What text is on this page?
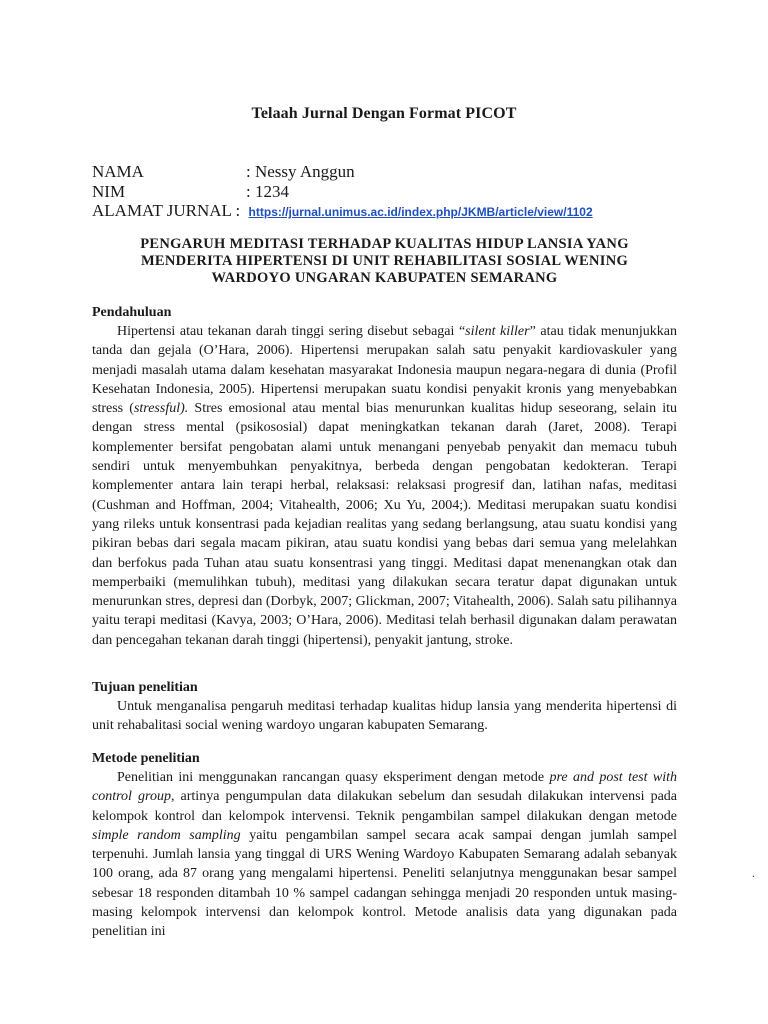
Telaah Jurnal Dengan Format PICOT
NAMA	: Nessy Anggun
NIM	: 1234
ALAMAT JURNAL : https://jurnal.unimus.ac.id/index.php/JKMB/article/view/1102
PENGARUH MEDITASI TERHADAP KUALITAS HIDUP LANSIA YANG
MENDERITA HIPERTENSI DI UNIT REHABILITASI SOSIAL WENING
WARDOYO UNGARAN KABUPATEN SEMARANG
Pendahuluan
Hipertensi atau tekanan darah tinggi sering disebut sebagai “silent killer” atau tidak menunjukkan tanda dan gejala (O’Hara, 2006). Hipertensi merupakan salah satu penyakit kardiovaskuler yang menjadi masalah utama dalam kesehatan masyarakat Indonesia maupun negara-negara di dunia (Profil Kesehatan Indonesia, 2005). Hipertensi merupakan suatu kondisi penyakit kronis yang menyebabkan stress (stressful). Stres emosional atau mental bias menurunkan kualitas hidup seseorang, selain itu dengan stress mental (psikososial) dapat meningkatkan tekanan darah (Jaret, 2008). Terapi komplementer bersifat pengobatan alami untuk menangani penyebab penyakit dan memacu tubuh sendiri untuk menyembuhkan penyakitnya, berbeda dengan pengobatan kedokteran. Terapi komplementer antara lain terapi herbal, relaksasi: relaksasi progresif dan, latihan nafas, meditasi (Cushman and Hoffman, 2004; Vitahealth, 2006; Xu Yu, 2004;). Meditasi merupakan suatu kondisi yang rileks untuk konsentrasi pada kejadian realitas yang sedang berlangsung, atau suatu kondisi yang pikiran bebas dari segala macam pikiran, atau suatu kondisi yang bebas dari semua yang melelahkan dan berfokus pada Tuhan atau suatu konsentrasi yang tinggi. Meditasi dapat menenangkan otak dan memperbaiki (memulihkan tubuh), meditasi yang dilakukan secara teratur dapat digunakan untuk menurunkan stres, depresi dan (Dorbyk, 2007; Glickman, 2007; Vitahealth, 2006). Salah satu pilihannya yaitu terapi meditasi (Kavya, 2003; O’Hara, 2006). Meditasi telah berhasil digunakan dalam perawatan dan pencegahan tekanan darah tinggi (hipertensi), penyakit jantung, stroke.
Tujuan penelitian
Untuk menganalisa pengaruh meditasi terhadap kualitas hidup lansia yang menderita hipertensi di unit rehabalitasi social wening wardoyo ungaran kabupaten Semarang.
Metode penelitian
Penelitian ini menggunakan rancangan quasy eksperiment dengan metode pre and post test with control group, artinya pengumpulan data dilakukan sebelum dan sesudah dilakukan intervensi pada kelompok kontrol dan kelompok intervensi. Teknik pengambilan sampel dilakukan dengan metode simple random sampling yaitu pengambilan sampel secara acak sampai dengan jumlah sampel terpenuhi. Jumlah lansia yang tinggal di URS Wening Wardoyo Kabupaten Semarang adalah sebanyak 100 orang, ada 87 orang yang mengalami hipertensi. Peneliti selanjutnya menggunakan besar sampel sebesar 18 responden ditambah 10 % sampel cadangan sehingga menjadi 20 responden untuk masing-masing kelompok intervensi dan kelompok kontrol. Metode analisis data yang digunakan pada penelitian ini
.
